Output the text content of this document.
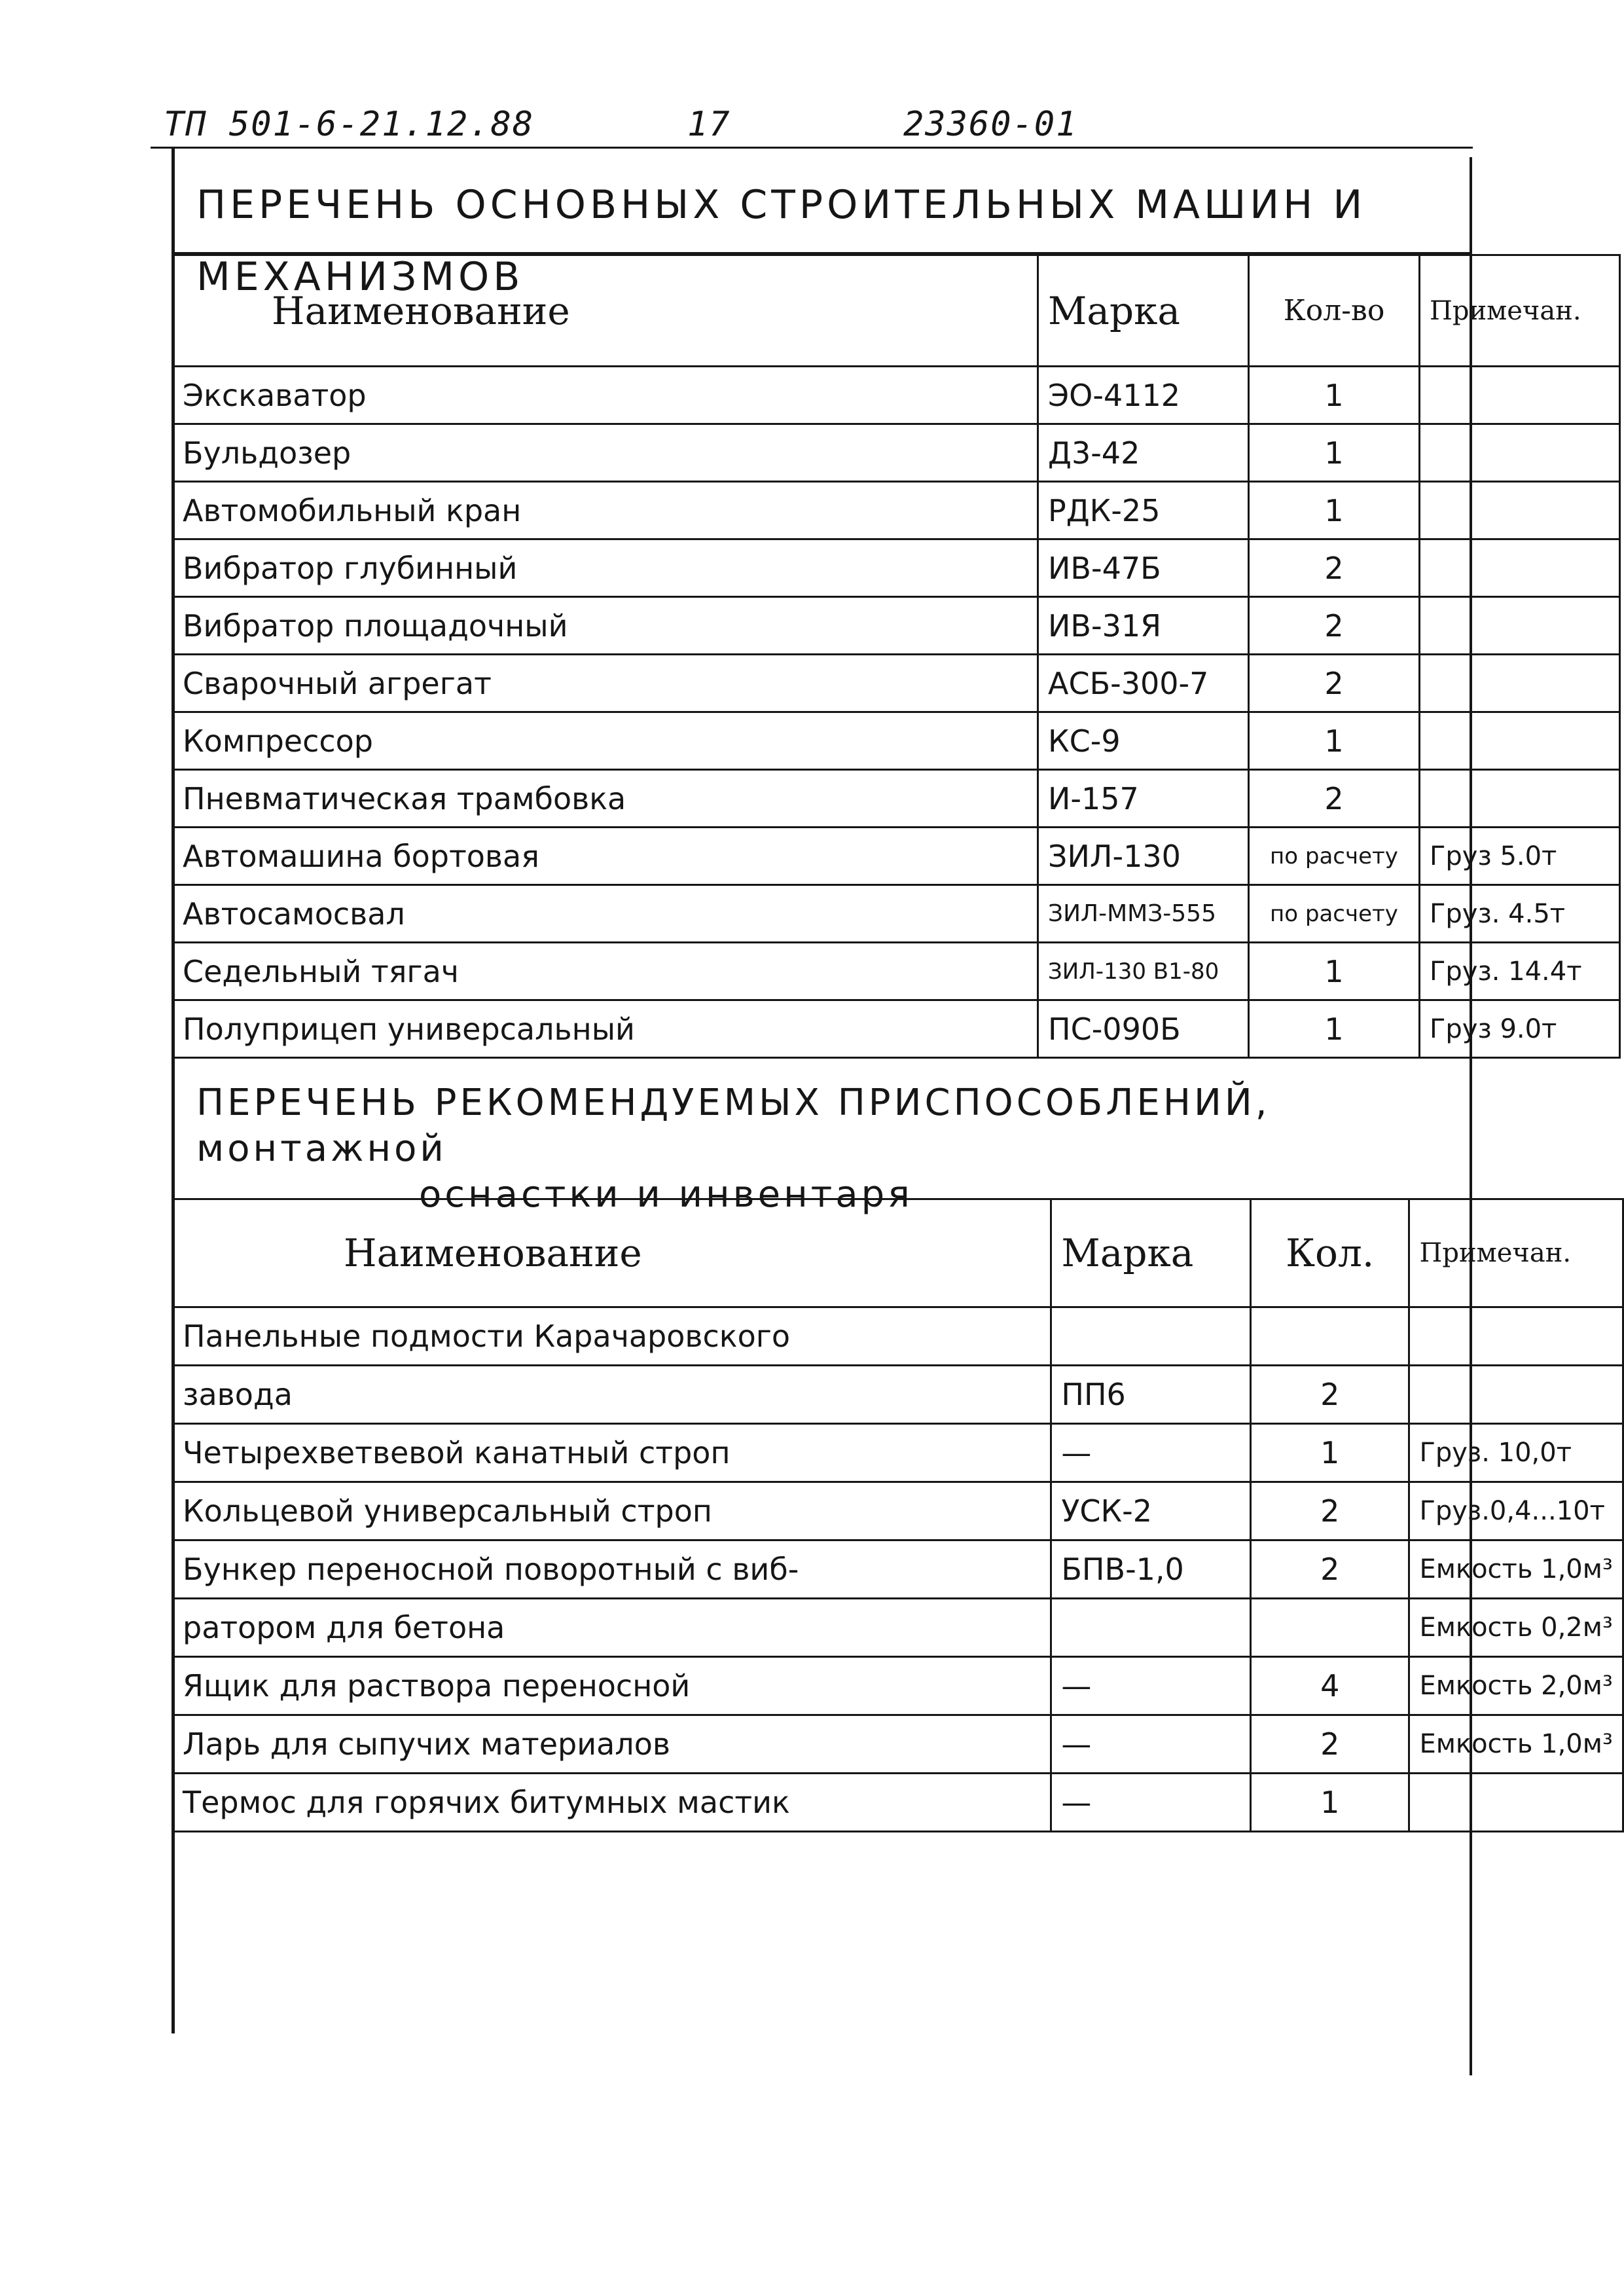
ТП 501-6-21.12.88	17	23360-01
ПЕРЕЧЕНЬ ОСНОВНЫХ СТРОИТЕЛЬНЫХ МАШИН И МЕХАНИЗМОВ
Наименование	Марка	Кол-во	Примечан.
Экскаватор	ЭО-4112	1	
Бульдозер	Д3-42	1	
Автомобильный кран	РДК-25	1	
Вибратор глубинный	ИВ-47Б	2	
Вибратор площадочный	ИВ-31Я	2	
Сварочный агрегат	АСБ-300-7	2	
Компрессор	КС-9	1	
Пневматическая трамбовка	И-157	2	
Автомашина бортовая	ЗИЛ-130	по расчету	Груз 5.0т
Автосамосвал	ЗИЛ-ММЗ-555	по расчету	Груз. 4.5т
Седельный тягач	ЗИЛ-130 В1-80	1	Груз. 14.4т
Полуприцеп универсальный	ПС-090Б	1	Груз 9.0т
ПЕРЕЧЕНЬ РЕКОМЕНДУЕМЫХ ПРИСПОСОБЛЕНИЙ, монтажной
оснастки и инвентаря
Наименование	Марка	Кол.	Примечан.
Панельные подмости Карачаровского			
завода	ПП6	2	
Четырехветвевой канатный строп	—	1	Груз. 10,0т
Кольцевой универсальный строп	УСК-2	2	Груз.0,4...10т
Бункер переносной поворотный с виб-	БПВ-1,0	2	Емкость 1,0м³
ратором для бетона			Емкость 0,2м³
Ящик для раствора переносной	—	4	Емкость 2,0м³
Ларь для сыпучих материалов	—	2	Емкость 1,0м³
Термос для горячих битумных мастик	—	1	
